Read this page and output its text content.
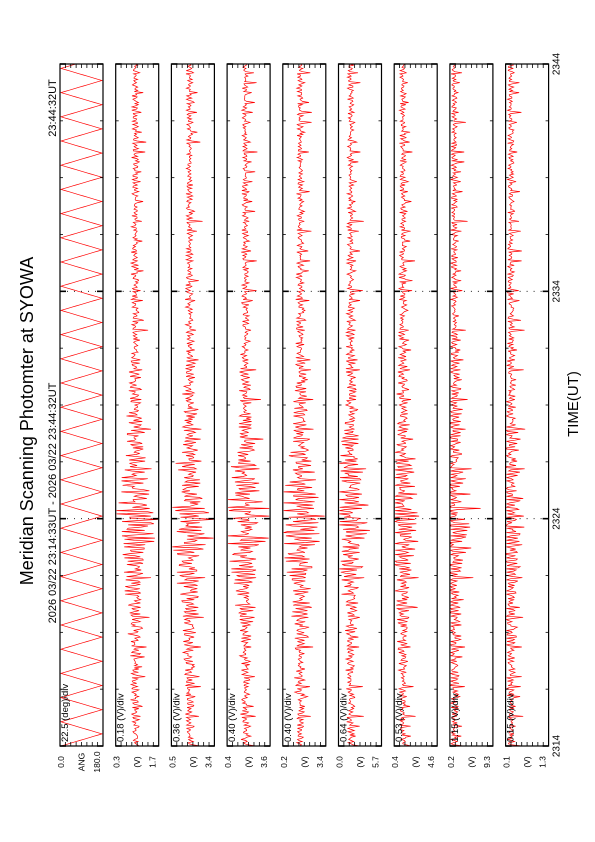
Meridian Scanning Photomter at SYOWA	TIME(UT)
2026 03/22 23:14:33UT - 2026 03/22 23:44:32UT
23:44:32UT
22.5 (deg)/div
0.0 ANG 180.0
0.18 (V)/div
0.3 (V) 1.7
0.36 (V)/div
0.5 (V) 3.4
0.40 (V)/div
0.4 (V) 3.6
0.40 (V)/div
0.2 (V) 3.4
0.64 (V)/div
0.0 (V) 5.7
0.53 (V)/div
0.4 (V) 4.6
1.15 (V)/div
0.2 (V) 9.3
0.15 (V)/div
0.1 (V) 1.3
2314
2324
2334
2344
